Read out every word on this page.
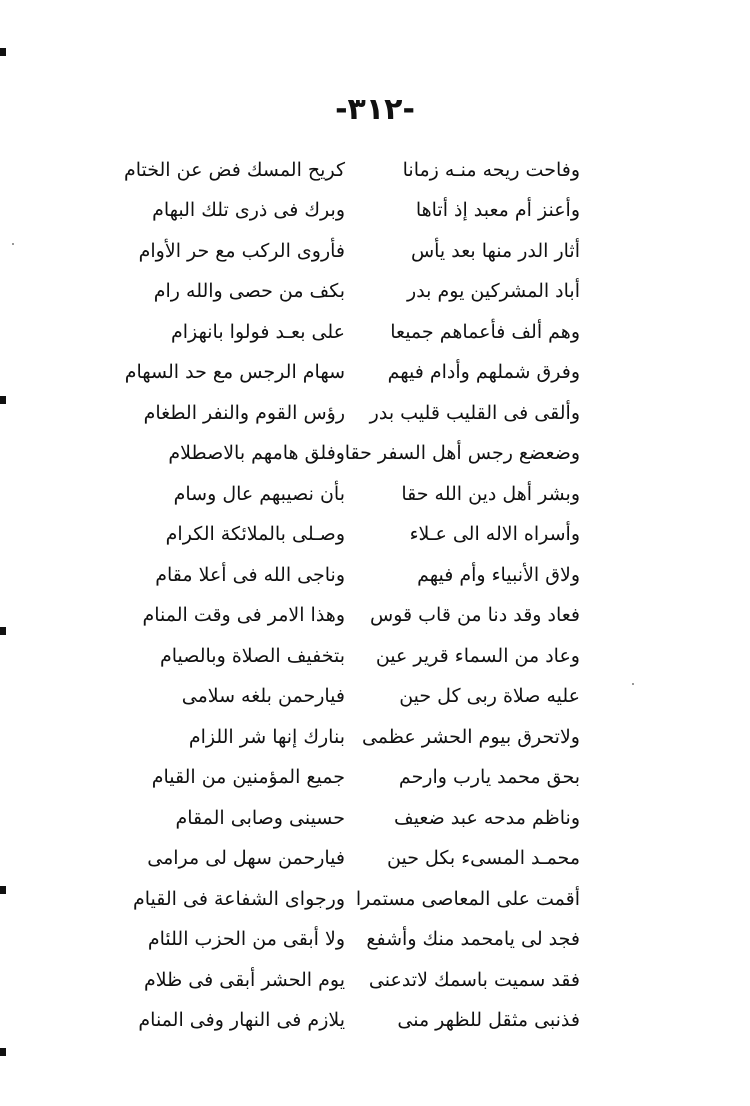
-٣١٢-
وفاحت ريحه منـه زمانا
كريح المسك فض عن الختام
وأعنز أم معبد إذ أتاها
وبرك فى ذرى تلك البهام
أثار الدر منها بعد يأس
فأروى الركب مع حر الأوام
أباد المشركين يوم بدر
بكف من حصى والله رام
وهم ألف فأعماهم جميعا
على بعـد فولوا بانهزام
وفرق شملهم وأدام فيهم
سهام الرجس مع حد السهام
وألقى فى القليب قليب بدر
رؤس القوم والنفر الطغام
وضعضع رجس أهل السفر حقا
وفلق هامهم بالاصطلام
وبشر أهل دين الله حقا
بأن نصيبهم عال وسام
وأسراه الاله الى عـلاء
وصـلى بالملائكة الكرام
ولاق الأنبياء وأم فيهم
وناجى الله فى أعلا مقام
فعاد وقد دنا من قاب قوس
وهذا الامر فى وقت المنام
وعاد من السماء قرير عين
بتخفيف الصلاة وبالصيام
عليه صلاة ربى كل حين
فيارحمن بلغه سلامى
ولاتحرق بيوم الحشر عظمى
بنارك إنها شر اللزام
بحق محمد يارب وارحم
جميع المؤمنين من القيام
وناظم مدحه عبد ضعيف
حسينى وصابى المقام
محمـد المسىء بكل حين
فيارحمن سهل لى مرامى
أقمت على المعاصى مستمرا
ورجواى الشفاعة فى القيام
فجد لى يامحمد منك وأشفع
ولا أبقى من الحزب اللئام
فقد سميت باسمك لاتدعنى
يوم الحشر أبقى فى ظلام
فذنبى مثقل للظهر منى
يلازم فى النهار وفى المنام
